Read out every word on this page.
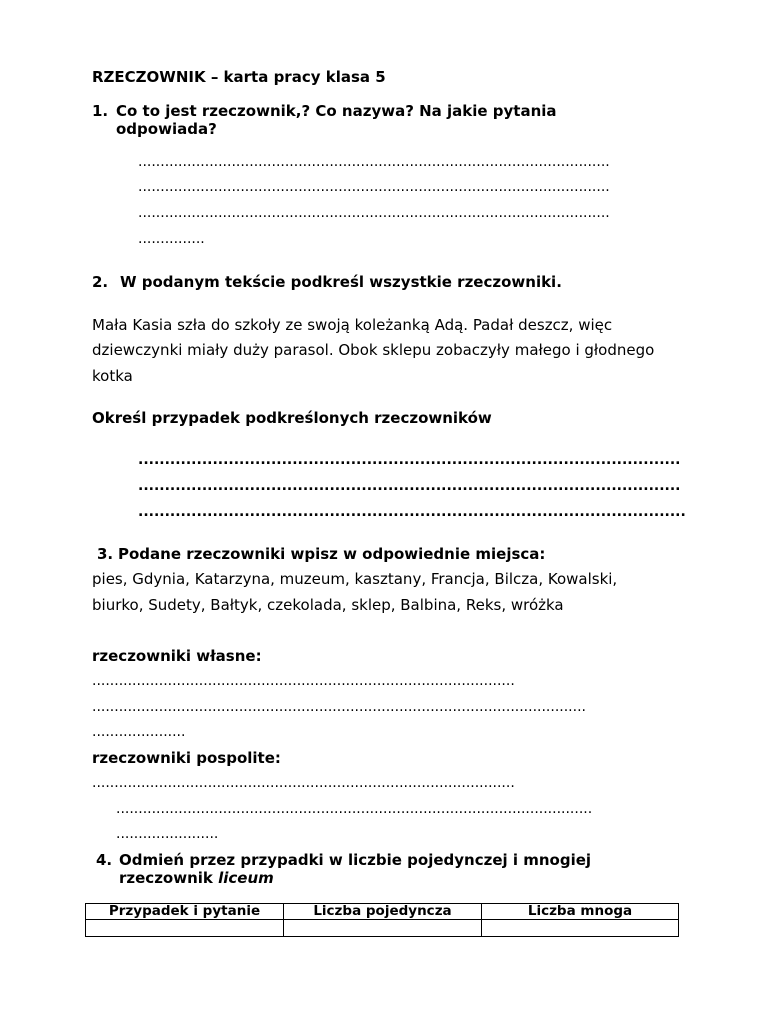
RZECZOWNIK – karta pracy klasa 5
1. Co to jest rzeczownik,? Co nazywa? Na jakie pytania
odpowiada?
..........................................................................................................
..........................................................................................................
..........................................................................................................
...............
2. W podanym tekście podkreśl wszystkie rzeczowniki.
Mała Kasia szła do szkoły ze swoją koleżanką Adą. Padał deszcz, więc
dziewczynki miały duży parasol. Obok sklepu zobaczyły małego i głodnego
kotka
Określ przypadek podkreślonych rzeczowników
......................................................................................................
......................................................................................................
.......................................................................................................
3. Podane rzeczowniki wpisz w odpowiednie miejsca:
pies, Gdynia, Katarzyna, muzeum, kasztany, Francja, Bilcza, Kowalski,
biurko, Sudety, Bałtyk, czekolada, sklep, Balbina, Reks, wróżka
rzeczowniki własne:
...............................................................................................
...............................................................................................................
.....................
rzeczowniki pospolite:
...............................................................................................
...........................................................................................................
.......................
4. Odmień przez przypadki w liczbie pojedynczej i mnogiej
rzeczownik liceum
Przypadek i pytanie	Liczba pojedyncza	Liczba mnoga
